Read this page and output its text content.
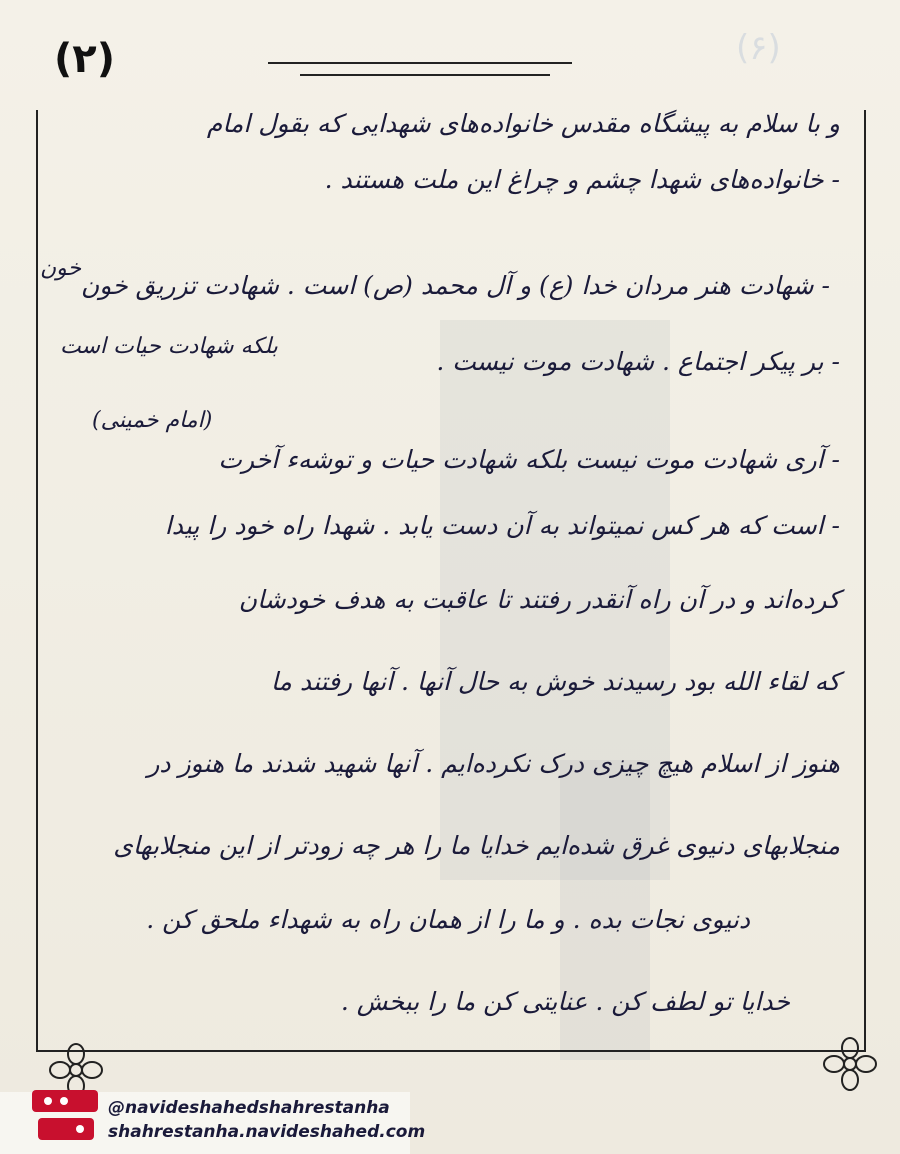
(۲)	(۶)
و با سلام به پیشگاه مقدس خانواده‌های شهدایی که بقول امام
- خانواده‌های شهدا چشم و چراغ این ملت هستند .
خون
- شهادت هنر مردان خدا (ع) و آل محمد (ص) است . شهادت تزریق خون
بلکه شهادت حیات است
- بر پیکر اجتماع . شهادت موت نیست .
(امام خمینی)
- آری شهادت موت نیست بلکه شهادت حیات و توشه‌ء آخرت
- است که هر کس نمیتواند به آن دست یابد . شهدا راه خود را پیدا
کرده‌اند و در آن راه آنقدر رفتند تا عاقبت به هدف خودشان
که لقاء الله بود رسیدند خوش به حال آنها . آنها رفتند ما
هنوز از اسلام هیچ چیزی درک نکرده‌ایم . آنها شهید شدند ما هنوز در
منجلابهای دنیوی غرق شده‌ایم خدایا ما را هر چه زودتر از این منجلابهای
دنیوی نجات بده . و ما را از همان راه به شهداء ملحق کن .
خدایا تو لطف کن . عنایتی کن ما را ببخش .
@navideshahedshahrestanha
shahrestanha.navideshahed.com
